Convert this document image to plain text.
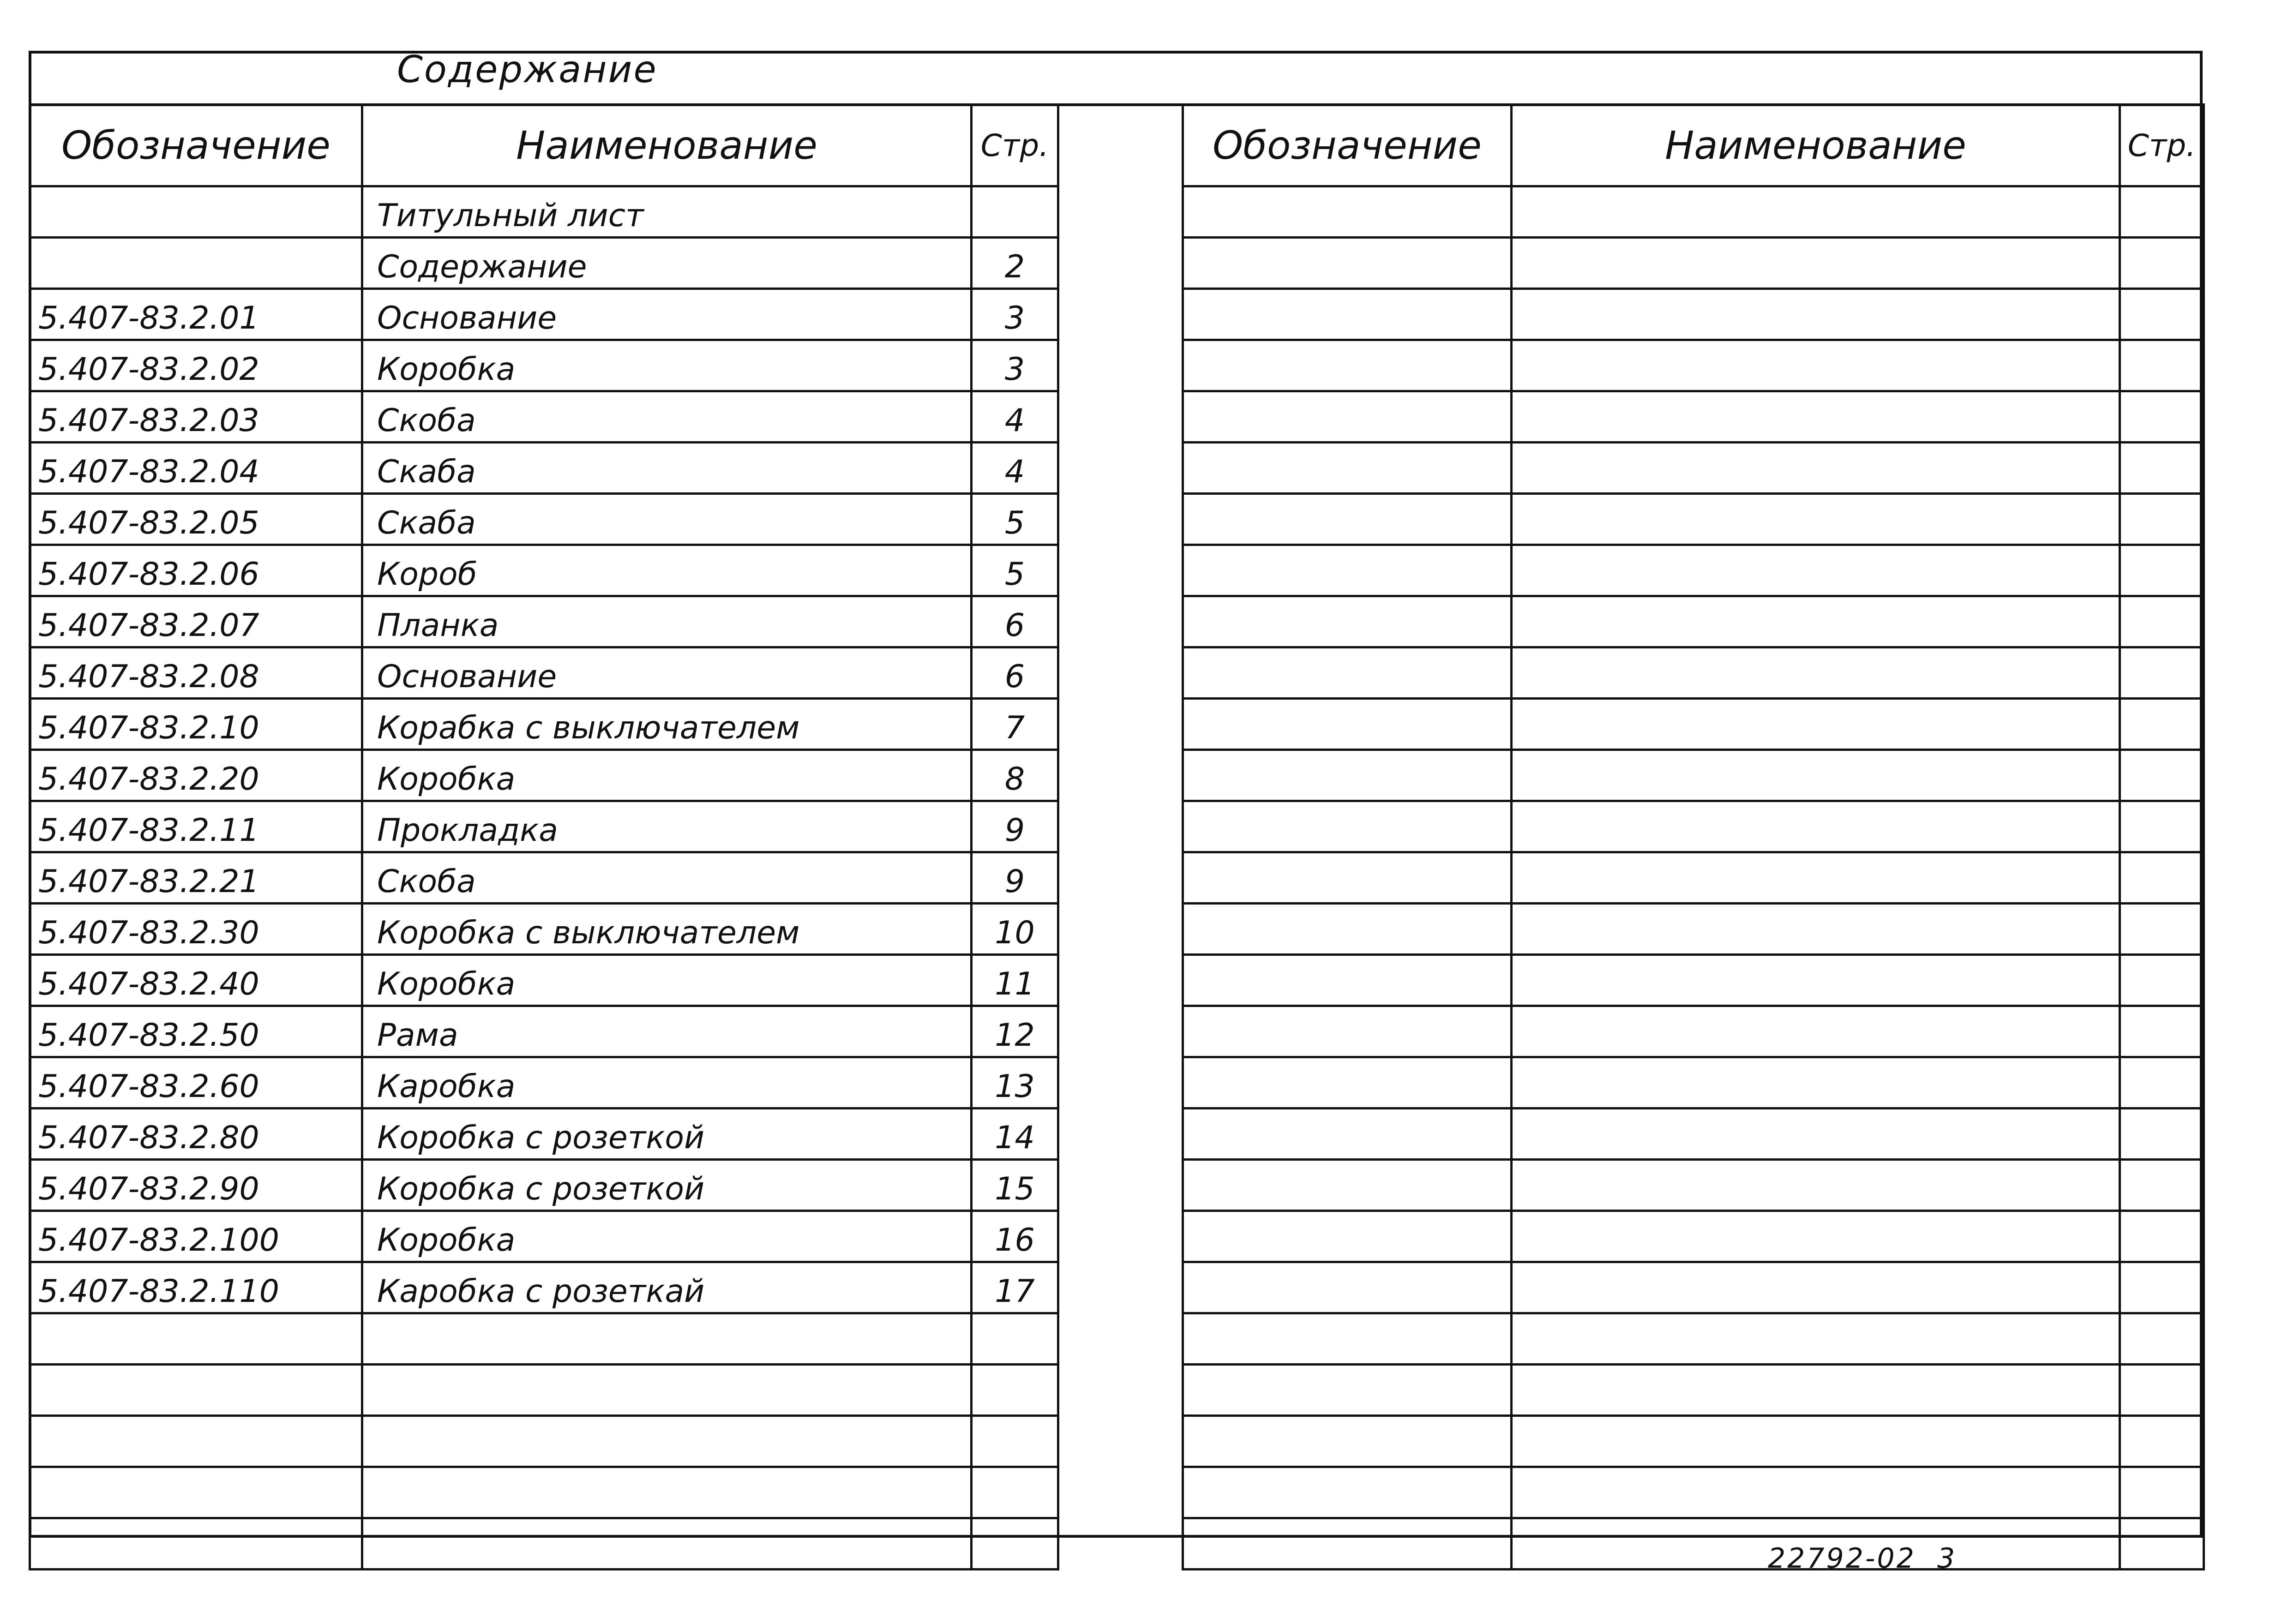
Содержание
Обозначение	Наименование	Стр.
	Титульный лист	
	Содержание	2
5.407-83.2.01	Основание	3
5.407-83.2.02	Коробка	3
5.407-83.2.03	Скоба	4
5.407-83.2.04	Скаба	4
5.407-83.2.05	Скаба	5
5.407-83.2.06	Короб	5
5.407-83.2.07	Планка	6
5.407-83.2.08	Основание	6
5.407-83.2.10	Корабка с выключателем	7
5.407-83.2.20	Коробка	8
5.407-83.2.11	Прокладка	9
5.407-83.2.21	Скоба	9
5.407-83.2.30	Коробка с выключателем	10
5.407-83.2.40	Коробка	11
5.407-83.2.50	Рама	12
5.407-83.2.60	Каробка	13
5.407-83.2.80	Коробка с розеткой	14
5.407-83.2.90	Коробка с розеткой	15
5.407-83.2.100	Коробка	16
5.407-83.2.110	Каробка с розеткай	17

Обозначение	Наименование	Стр.

22792-02 3
